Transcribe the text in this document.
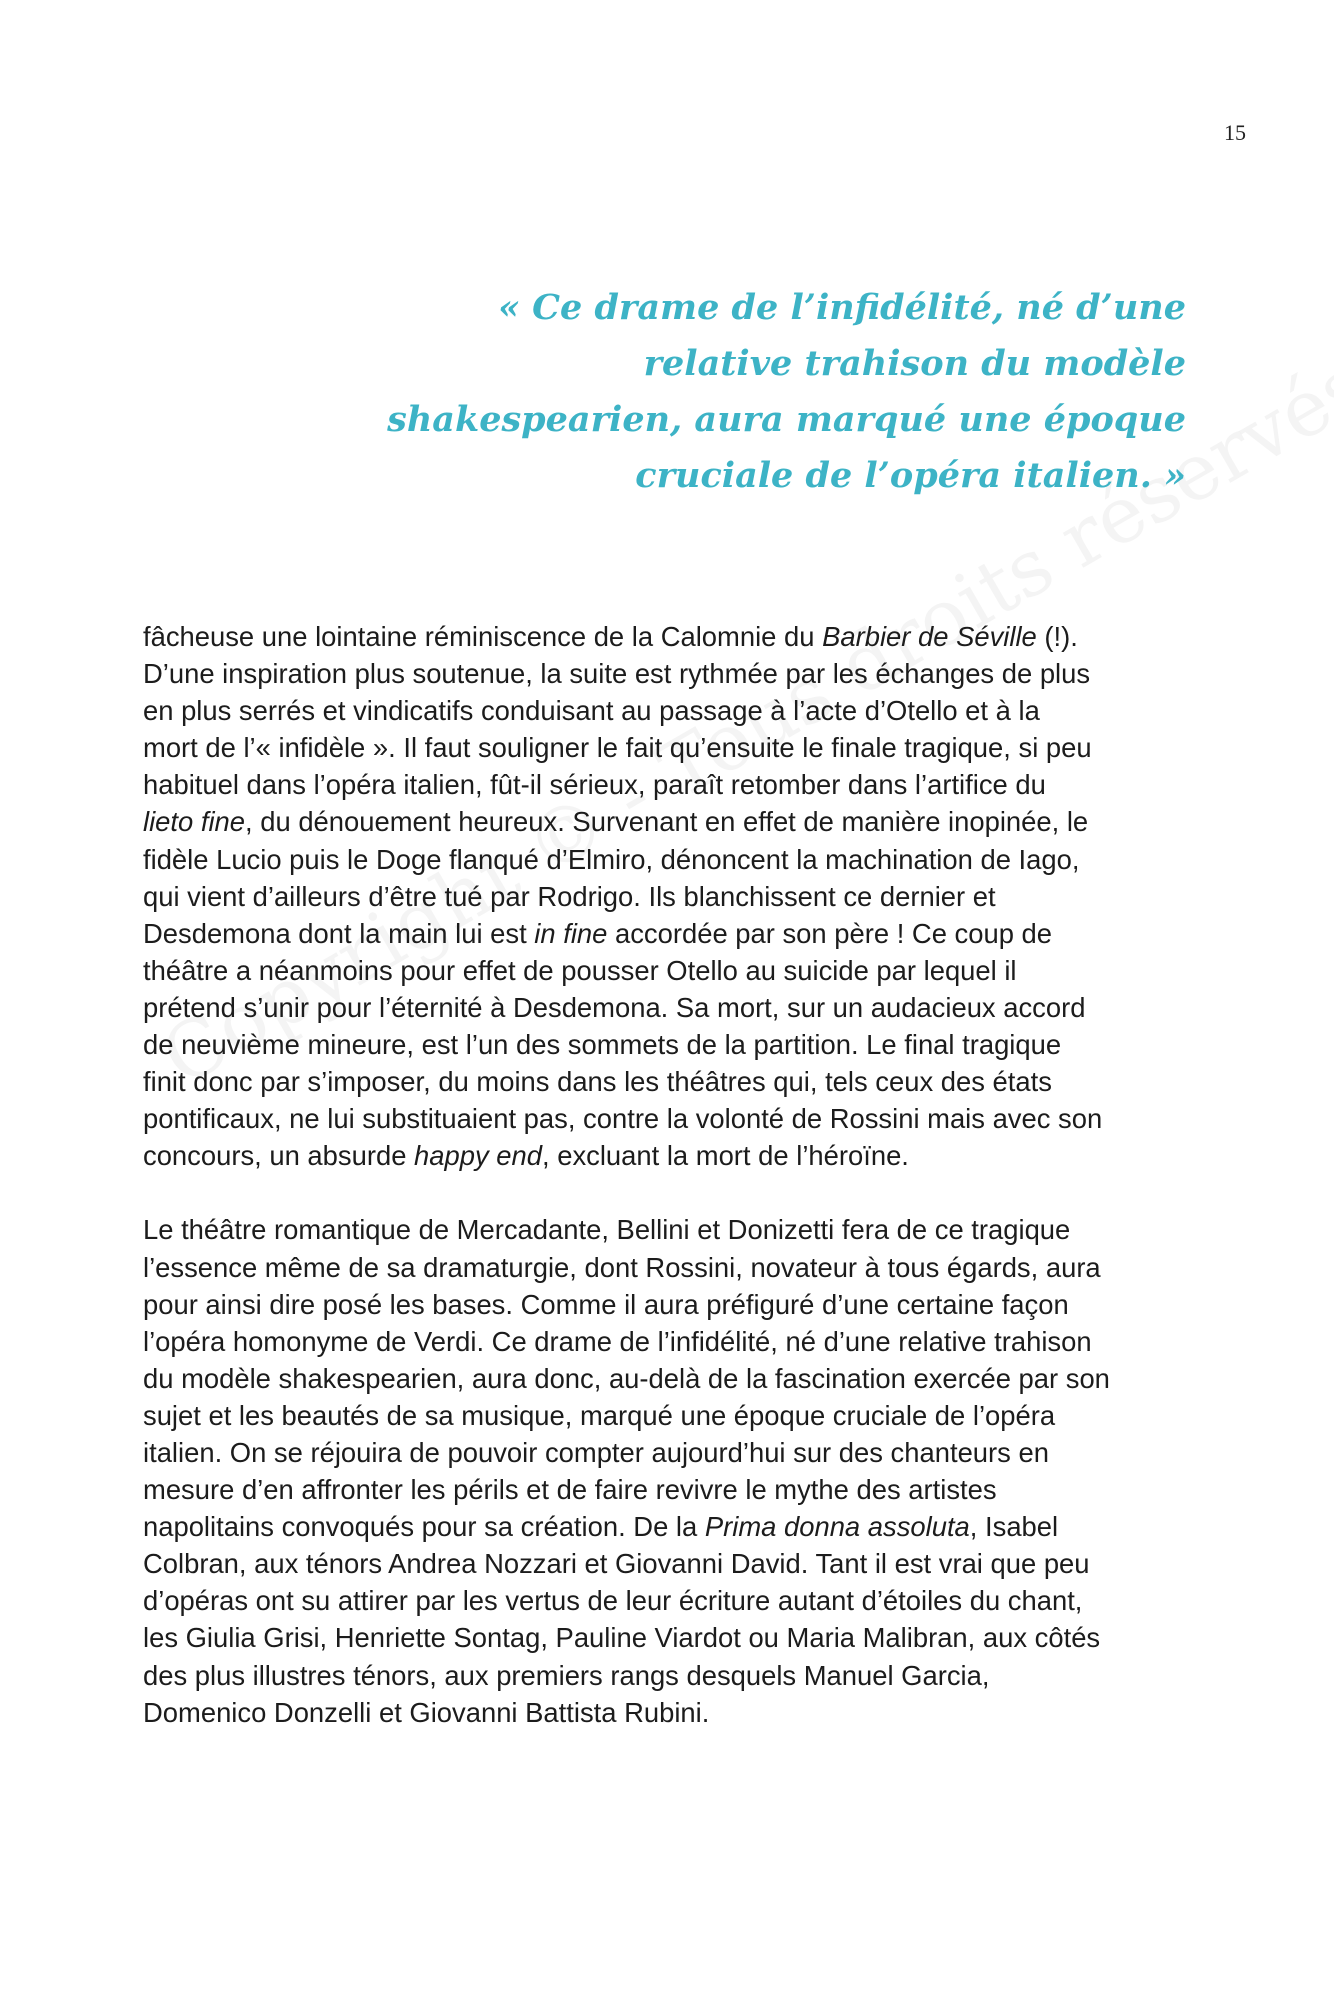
15
« Ce drame de l’infidélité, né d’une
relative trahison du modèle
shakespearien, aura marqué une époque
cruciale de l’opéra italien. »

fâcheuse une lointaine réminiscence de la Calomnie du Barbier de Séville (!).
D’une inspiration plus soutenue, la suite est rythmée par les échanges de plus
en plus serrés et vindicatifs conduisant au passage à l’acte d’Otello et à la
mort de l’« infidèle ». Il faut souligner le fait qu’ensuite le finale tragique, si peu
habituel dans l’opéra italien, fût-il sérieux, paraît retomber dans l’artifice du
lieto fine, du dénouement heureux. Survenant en effet de manière inopinée, le
fidèle Lucio puis le Doge flanqué d’Elmiro, dénoncent la machination de Iago,
qui vient d’ailleurs d’être tué par Rodrigo. Ils blanchissent ce dernier et
Desdemona dont la main lui est in fine accordée par son père ! Ce coup de
théâtre a néanmoins pour effet de pousser Otello au suicide par lequel il
prétend s’unir pour l’éternité à Desdemona. Sa mort, sur un audacieux accord
de neuvième mineure, est l’un des sommets de la partition. Le final tragique
finit donc par s’imposer, du moins dans les théâtres qui, tels ceux des états
pontificaux, ne lui substituaient pas, contre la volonté de Rossini mais avec son
concours, un absurde happy end, excluant la mort de l’héroïne.

Le théâtre romantique de Mercadante, Bellini et Donizetti fera de ce tragique
l’essence même de sa dramaturgie, dont Rossini, novateur à tous égards, aura
pour ainsi dire posé les bases. Comme il aura préfiguré d’une certaine façon
l’opéra homonyme de Verdi. Ce drame de l’infidélité, né d’une relative trahison
du modèle shakespearien, aura donc, au-delà de la fascination exercée par son
sujet et les beautés de sa musique, marqué une époque cruciale de l’opéra
italien. On se réjouira de pouvoir compter aujourd’hui sur des chanteurs en
mesure d’en affronter les périls et de faire revivre le mythe des artistes
napolitains convoqués pour sa création. De la Prima donna assoluta, Isabel
Colbran, aux ténors Andrea Nozzari et Giovanni David. Tant il est vrai que peu
d’opéras ont su attirer par les vertus de leur écriture autant d’étoiles du chant,
les Giulia Grisi, Henriette Sontag, Pauline Viardot ou Maria Malibran, aux côtés
des plus illustres ténors, aux premiers rangs desquels Manuel Garcia,
Domenico Donzelli et Giovanni Battista Rubini.
